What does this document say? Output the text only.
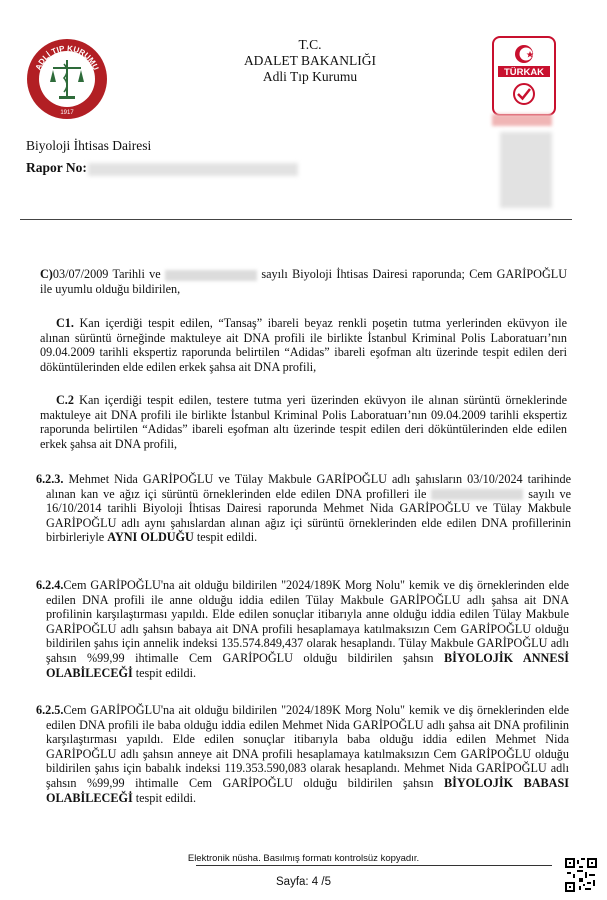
ADLİ TIP KURUMU
1917
T.C.
ADALET BAKANLIĞI
Adli Tıp Kurumu	TÜRKAK
Biyoloji İhtisas Dairesi
Rapor No:
C)03/07/2009 Tarihli ve	sayılı Biyoloji İhtisas Dairesi raporunda; Cem GARİPOĞLU ile uyumlu olduğu bildirilen,
C1. Kan içerdiği tespit edilen, “Tansaş” ibareli beyaz renkli poşetin tutma yerlerinden eküvyon ile alınan sürüntü örneğinde maktuleye ait DNA profili ile birlikte İstanbul Kriminal Polis Laboratuarı’nın 09.04.2009 tarihli ekspertiz raporunda belirtilen “Adidas” ibareli eşofman altı üzerinde tespit edilen deri döküntülerinden elde edilen erkek şahsa ait DNA profili,
C.2 Kan içerdiği tespit edilen, testere tutma yeri üzerinden eküvyon ile alınan sürüntü örneklerinde maktuleye ait DNA profili ile birlikte İstanbul Kriminal Polis Laboratuarı’nın 09.04.2009 tarihli ekspertiz raporunda belirtilen “Adidas” ibareli eşofman altı üzerinde tespit edilen deri döküntülerinden elde edilen erkek şahsa ait DNA profili,
6.2.3. Mehmet Nida GARİPOĞLU ve Tülay Makbule GARİPOĞLU adlı şahısların 03/10/2024 tarihinde alınan kan ve ağız içi sürüntü örneklerinden elde edilen DNA profilleri ile	sayılı ve 16/10/2014 tarihli Biyoloji İhtisas Dairesi raporunda Mehmet Nida GARİPOĞLU ve Tülay Makbule GARİPOĞLU adlı aynı şahıslardan alınan ağız içi sürüntü örneklerinden elde edilen DNA profillerinin birbirleriyle AYNI OLDUĞU tespit edildi.
6.2.4.Cem GARİPOĞLU'na ait olduğu bildirilen "2024/189K Morg Nolu" kemik ve diş örneklerinden elde edilen DNA profili ile anne olduğu iddia edilen Tülay Makbule GARİPOĞLU adlı şahsa ait DNA profilinin karşılaştırması yapıldı. Elde edilen sonuçlar itibarıyla anne olduğu iddia edilen Tülay Makbule GARİPOĞLU adlı şahsın babaya ait DNA profili hesaplamaya katılmaksızın Cem GARİPOĞLU olduğu bildirilen şahıs için annelik indeksi 135.574.849,437 olarak hesaplandı. Tülay Makbule GARİPOĞLU adlı şahsın %99,99 ihtimalle Cem GARİPOĞLU olduğu bildirilen şahsın BİYOLOJİK ANNESİ OLABİLECEĞİ tespit edildi.
6.2.5.Cem GARİPOĞLU'na ait olduğu bildirilen "2024/189K Morg Nolu" kemik ve diş örneklerinden elde edilen DNA profili ile baba olduğu iddia edilen Mehmet Nida GARİPOĞLU adlı şahsa ait DNA profilinin karşılaştırması yapıldı. Elde edilen sonuçlar itibarıyla baba olduğu iddia edilen Mehmet Nida GARİPOĞLU adlı şahsın anneye ait DNA profili hesaplamaya katılmaksızın Cem GARİPOĞLU olduğu bildirilen şahıs için babalık indeksi 119.353.590,083 olarak hesaplandı. Mehmet Nida GARİPOĞLU adlı şahsın %99,99 ihtimalle Cem GARİPOĞLU olduğu bildirilen şahsın BİYOLOJİK BABASI OLABİLECEĞİ tespit edildi.
Elektronik nüsha. Basılmış formatı kontrolsüz kopyadır.
Sayfa: 4 /5
